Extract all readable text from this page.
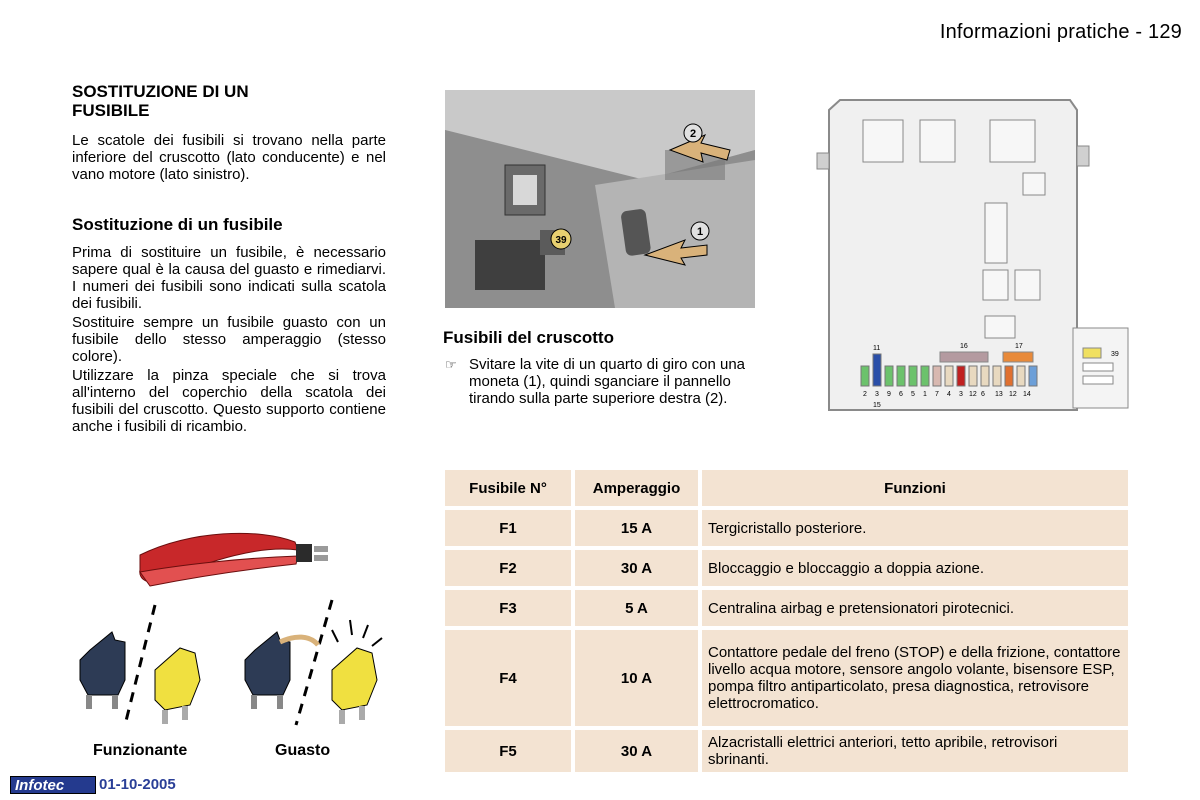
Informazioni pratiche - 129
SOSTITUZIONE DI UN FUSIBILE
Le scatole dei fusibili si trovano nella parte inferiore del cruscotto (lato conducente) e nel vano motore (lato sinistro).
Sostituzione di un fusibile
Prima di sostituire un fusibile, è necessario sapere qual è la causa del guasto e rimediarvi. I numeri dei fusibili sono indicati sulla scatola dei fusibili.
Sostituire sempre un fusibile guasto con un fusibile dello stesso amperaggio (stesso colore).
Utilizzare la pinza speciale che si trova all'interno del coperchio della scatola dei fusibili del cruscotto. Questo supporto contiene anche i fusibili di ricambio.
1
2
39
Fusibili del cruscotto
☞ Svitare la vite di un quarto di giro con una moneta (1), quindi sganciare il pannello tirando sulla parte superiore destra (2).
39
11	16	17
2 3 9 6 5 1 7 4 3 12 6 13 12 14
15
Funzionante	Guasto
Fusibile N°	Amperaggio	Funzioni
F1	15 A	Tergicristallo posteriore.
F2	30 A	Bloccaggio e bloccaggio a doppia azione.
F3	5 A	Centralina airbag e pretensionatori pirotecnici.
F4	10 A	Contattore pedale del freno (STOP) e della frizione, contattore livello acqua motore, sensore angolo volante, bisensore ESP, pompa filtro antiparticolato, presa diagnostica, retrovisore elettrocromatico.
F5	30 A	Alzacristalli elettrici anteriori, tetto apribile, retrovisori sbrinanti.
Infotec	01-10-2005
